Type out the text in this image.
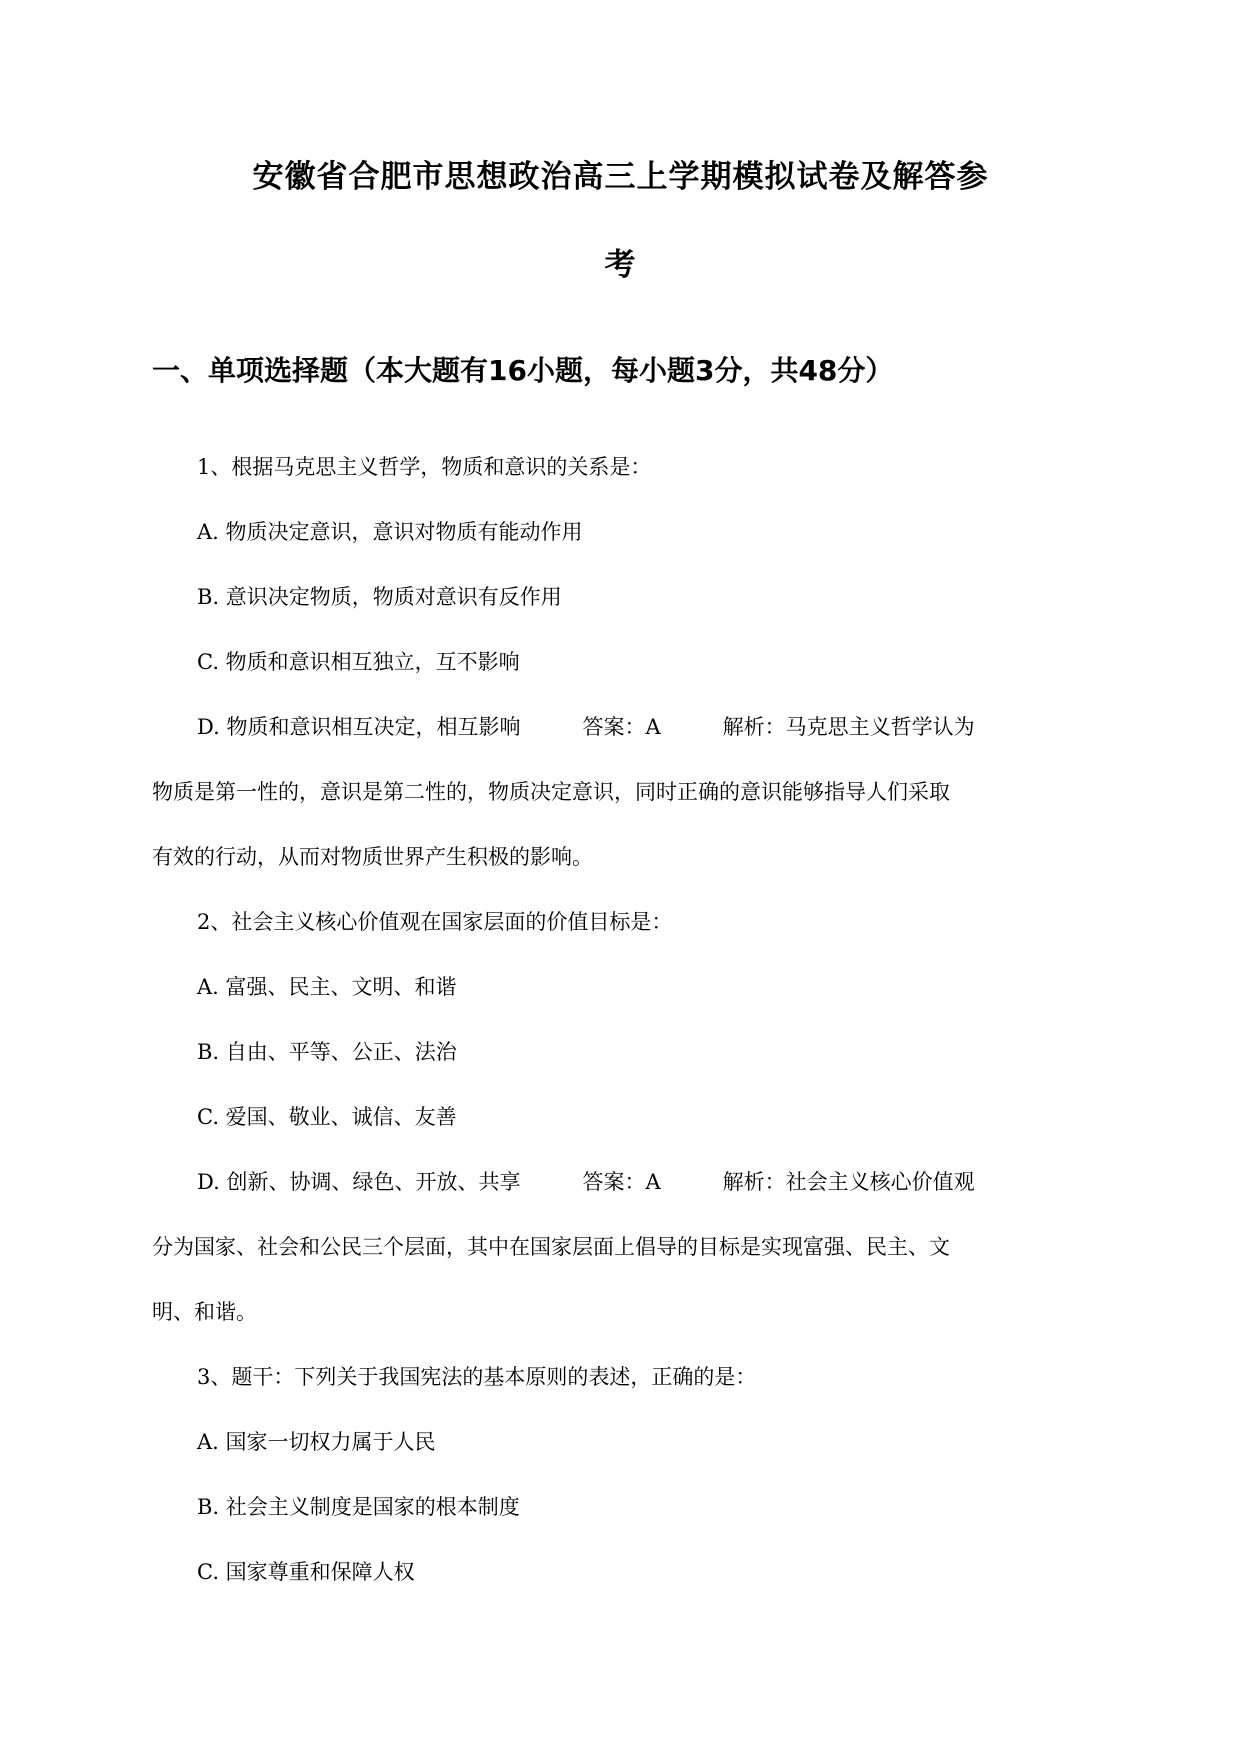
安徽省合肥市思想政治高三上学期模拟试卷及解答参
考
一、单项选择题（本大题有16小题，每小题3分，共48分）
1、根据马克思主义哲学，物质和意识的关系是：
A. 物质决定意识，意识对物质有能动作用
B. 意识决定物质，物质对意识有反作用
C. 物质和意识相互独立，互不影响
D. 物质和意识相互决定，相互影响	答案：A	解析：马克思主义哲学认为
物质是第一性的，意识是第二性的，物质决定意识，同时正确的意识能够指导人们采取
有效的行动，从而对物质世界产生积极的影响。
2、社会主义核心价值观在国家层面的价值目标是：
A. 富强、民主、文明、和谐
B. 自由、平等、公正、法治
C. 爱国、敬业、诚信、友善
D. 创新、协调、绿色、开放、共享	答案：A	解析：社会主义核心价值观
分为国家、社会和公民三个层面，其中在国家层面上倡导的目标是实现富强、民主、文
明、和谐。
3、题干：下列关于我国宪法的基本原则的表述，正确的是：
A. 国家一切权力属于人民
B. 社会主义制度是国家的根本制度
C. 国家尊重和保障人权
